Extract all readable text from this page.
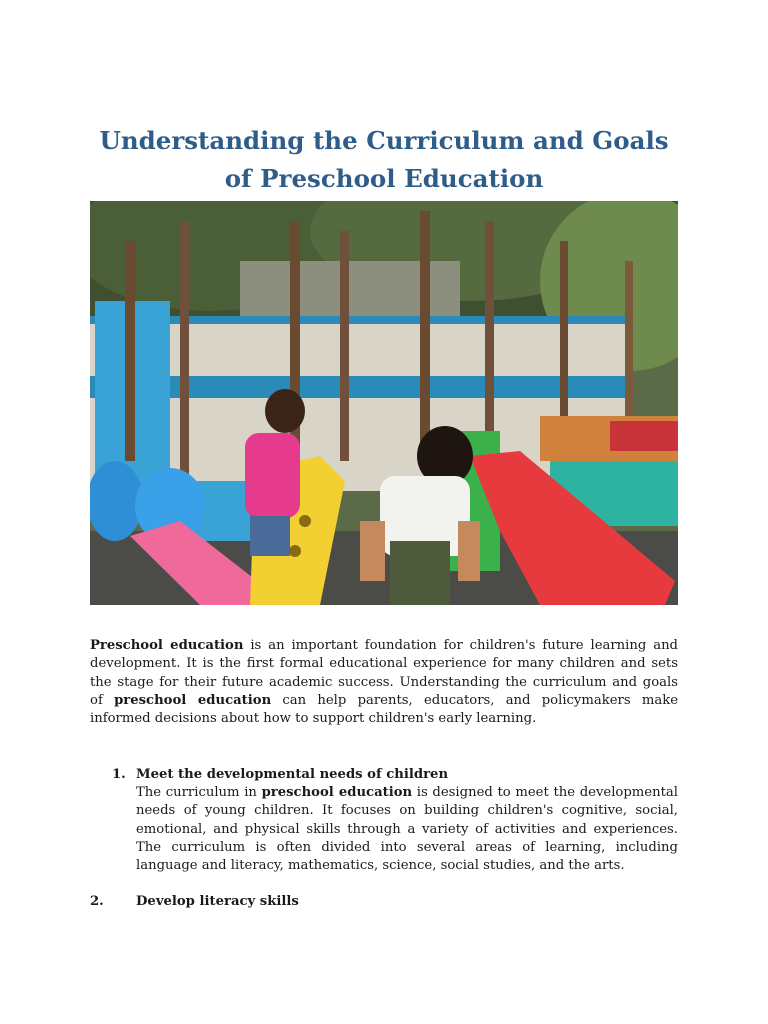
Understanding the Curriculum and Goals of Preschool Education

Preschool education is an important foundation for children's future learning and development. It is the first formal educational experience for many children and sets the stage for their future academic success. Understanding the curriculum and goals of preschool education can help parents, educators, and policymakers make informed decisions about how to support children's early learning.

1. Meet the developmental needs of children

The curriculum in preschool education is designed to meet the developmental needs of young children. It focuses on building children's cognitive, social, emotional, and physical skills through a variety of activities and experiences. The curriculum is often divided into several areas of learning, including language and literacy, mathematics, science, social studies, and the arts.

2. Develop literacy skills
